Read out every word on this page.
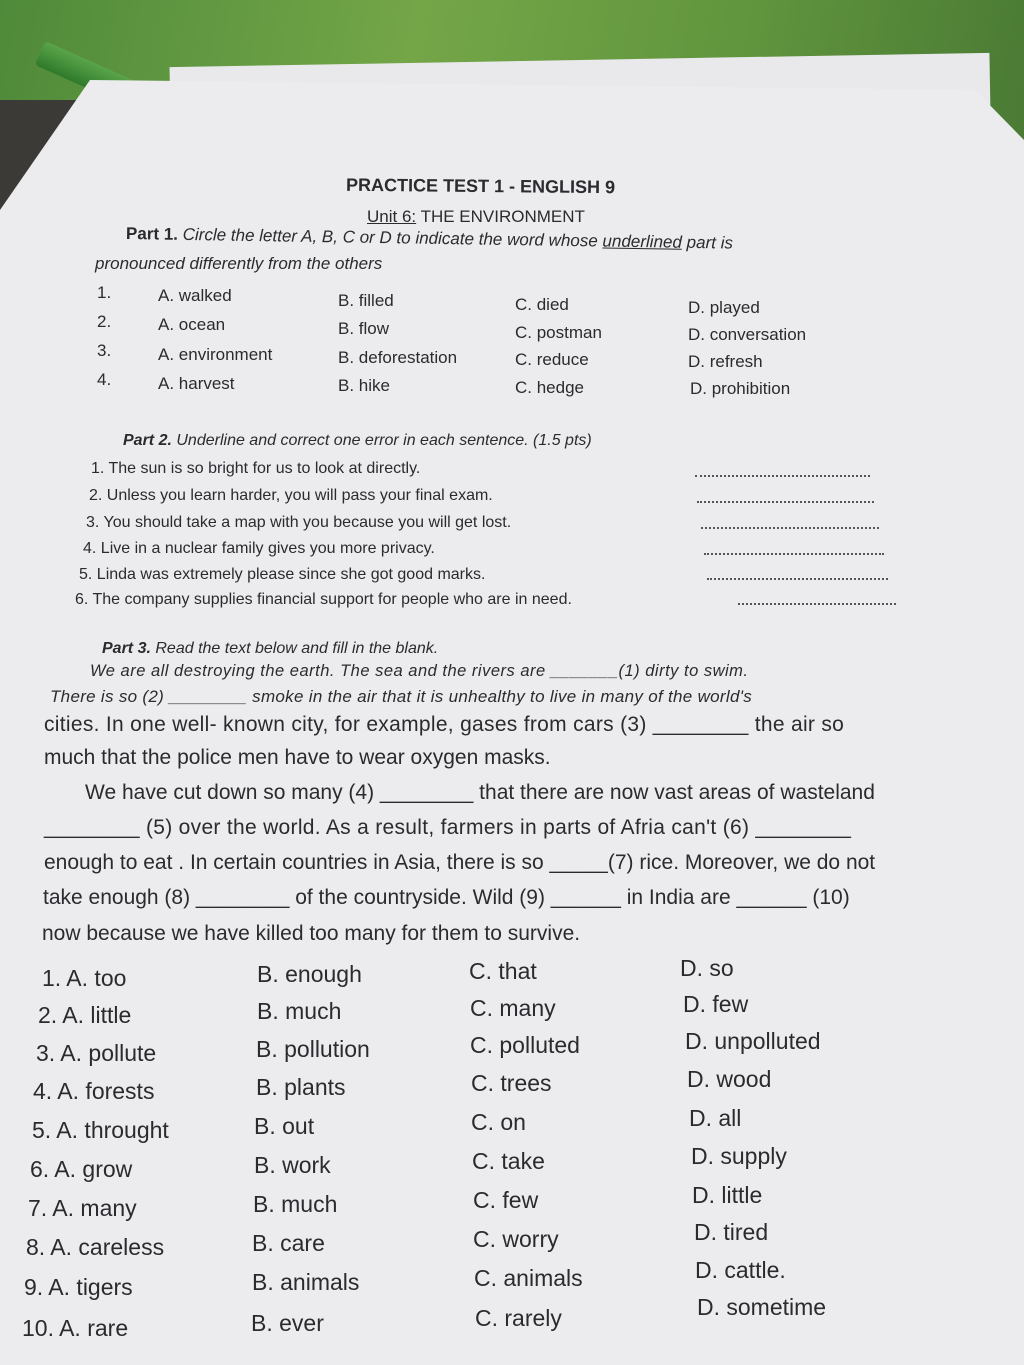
PRACTICE TEST 1 - ENGLISH 9
Unit 6: THE ENVIRONMENT
Part 1. Circle the letter A, B, C or D to indicate the word whose underlined part is
pronounced differently from the others
1.	A. walked	B. filled	C. died	D. played
2.	A. ocean	B. flow	C. postman	D. conversation
3.	A. environment	B. deforestation	C. reduce	D. refresh
4.	A. harvest	B. hike	C. hedge	D. prohibition
Part 2. Underline and correct one error in each sentence. (1.5 pts)
1. The sun is so bright for us to look at directly.
2. Unless you learn harder, you will pass your final exam.
3. You should take a map with you because you will get lost.
4. Live in a nuclear family gives you more privacy.
5. Linda was extremely please since she got good marks.
6. The company supplies financial support for people who are in need.
Part 3. Read the text below and fill in the blank.
We are all destroying the earth. The sea and the rivers are _______(1) dirty to swim.
There is so (2) ________ smoke in the air that it is unhealthy to live in many of the world's
cities. In one well- known city, for example, gases from cars (3) ________ the air so
much that the police men have to wear oxygen masks.
We have cut down so many (4) ________ that there are now vast areas of wasteland
________ (5) over the world. As a result, farmers in parts of Afria can't (6) ________
enough to eat . In certain countries in Asia, there is so _____(7) rice. Moreover, we do not
take enough (8) ________ of the countryside. Wild (9) ______ in India are ______ (10)
now because we have killed too many for them to survive.
1. A. too	B. enough	C. that	D. so
2. A. little	B. much	C. many	D. few
3. A. pollute	B. pollution	C. polluted	D. unpolluted
4. A. forests	B. plants	C. trees	D. wood
5. A. throught	B. out	C. on	D. all
6. A. grow	B. work	C. take	D. supply
7. A. many	B. much	C. few	D. little
8. A. careless	B. care	C. worry	D. tired
9. A. tigers	B. animals	C. animals	D. cattle.
10. A. rare	B. ever	C. rarely	D. sometime
